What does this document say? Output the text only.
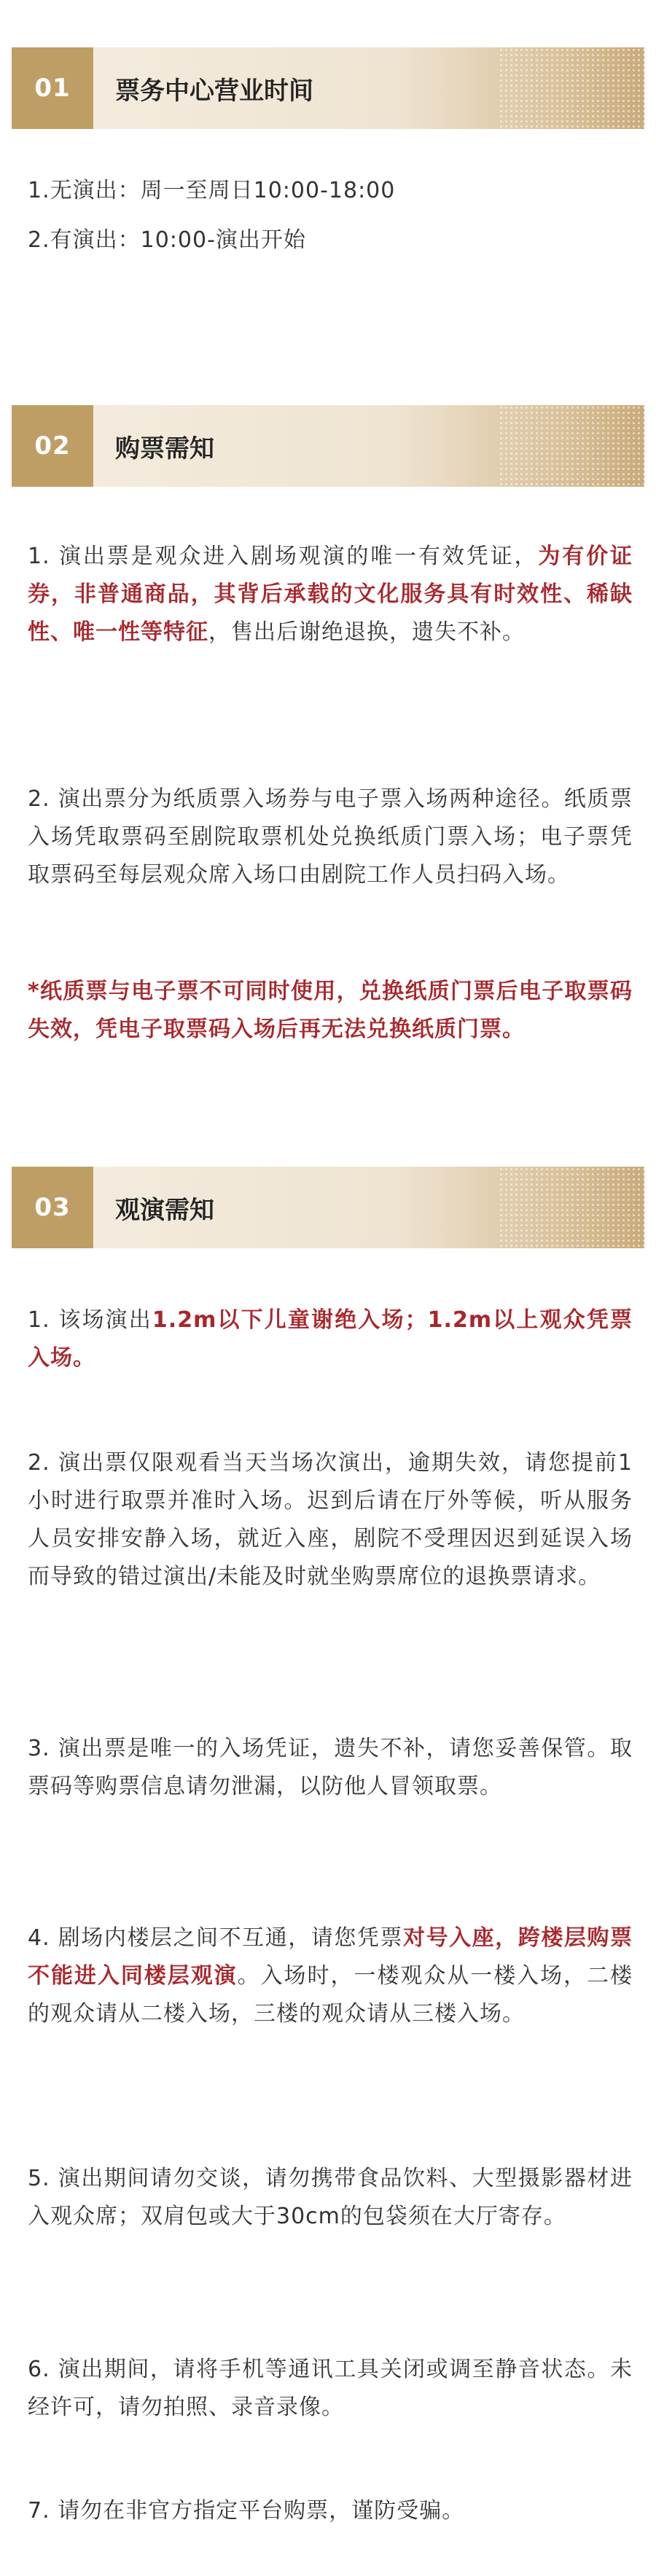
01	票务中心营业时间

1.无演出：周一至周日10:00-18:00

2.有演出：10:00-演出开始

02	购票需知

1. 演出票是观众进入剧场观演的唯一有效凭证，为有价证券，非普通商品，其背后承载的文化服务具有时效性、稀缺性、唯一性等特征，售出后谢绝退换，遗失不补。

2. 演出票分为纸质票入场券与电子票入场两种途径。纸质票入场凭取票码至剧院取票机处兑换纸质门票入场；电子票凭取票码至每层观众席入场口由剧院工作人员扫码入场。

*纸质票与电子票不可同时使用，兑换纸质门票后电子取票码失效，凭电子取票码入场后再无法兑换纸质门票。

03	观演需知

1. 该场演出1.2m以下儿童谢绝入场；1.2m以上观众凭票入场。

2. 演出票仅限观看当天当场次演出，逾期失效，请您提前1小时进行取票并准时入场。迟到后请在厅外等候，听从服务人员安排安静入场，就近入座，剧院不受理因迟到延误入场而导致的错过演出/未能及时就坐购票席位的退换票请求。

3. 演出票是唯一的入场凭证，遗失不补，请您妥善保管。取票码等购票信息请勿泄漏，以防他人冒领取票。

4. 剧场内楼层之间不互通，请您凭票对号入座，跨楼层购票不能进入同楼层观演。入场时，一楼观众从一楼入场，二楼的观众请从二楼入场，三楼的观众请从三楼入场。

5. 演出期间请勿交谈，请勿携带食品饮料、大型摄影器材进入观众席；双肩包或大于30cm的包袋须在大厅寄存。

6. 演出期间，请将手机等通讯工具关闭或调至静音状态。未经许可，请勿拍照、录音录像。

7. 请勿在非官方指定平台购票，谨防受骗。
